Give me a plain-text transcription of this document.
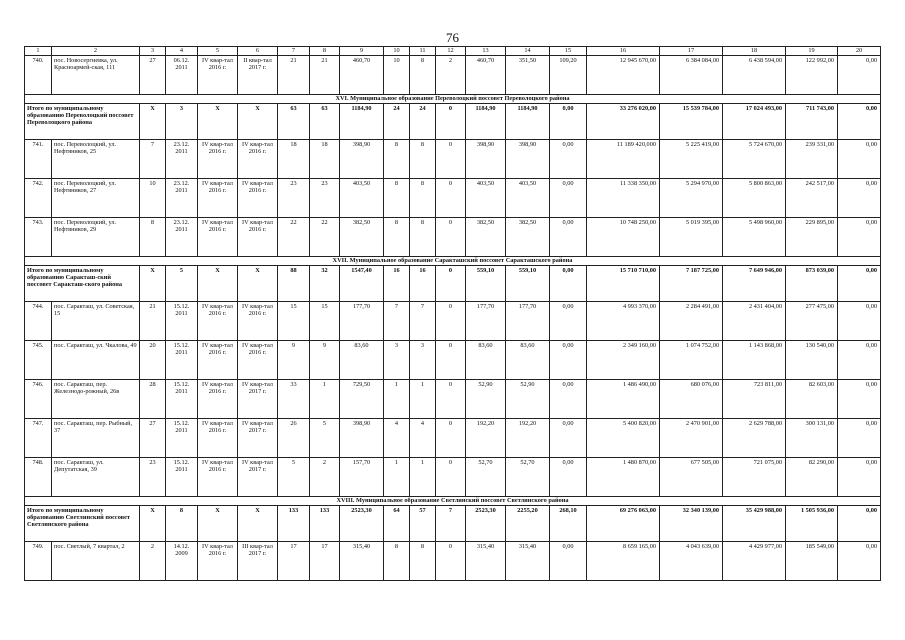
76
1	2	3	4	5	6	7	8	9	10	11	12	13	14	15	16	17	18	19	20
740.	пос. Новосергиевка, ул. Красноармей-ская, 111	27	06.12. 2011	IV квар-тал 2016 г.	II квар-тал 2017 г.	21	21	460,70	10	8	2	460,70	351,50	109,20	12 945 670,00	6 384 084,00	6 438 594,00	122 992,00	0,00
XVI. Муниципальное образование Переволоцкий поссовет Переволоцкого района																			
Итого по муниципальному образованию Переволоцкий поссовет Переволоцкого района		X	3	X	X	63	63	1184,90	24	24	0	1184,90	1184,90	0,00	33 276 020,00	15 539 784,00	17 024 493,00	711 743,00	0,00
741.	пос. Переволоцкий, ул. Нефтяников, 25	7	23.12. 2011	IV квар-тал 2016 г.	IV квар-тал 2016 г.	18	18	398,90	8	8	0	398,90	398,90	0,00	11 189 420,000	5 225 419,00	5 724 670,00	239 331,00	0,00
742.	пос. Переволоцкий, ул. Нефтяников, 27	10	23.12. 2011	IV квар-тал 2016 г.	IV квар-тал 2016 г.	23	23	403,50	8	8	0	403,50	403,50	0,00	11 338 350,00	5 294 970,00	5 800 863,00	242 517,00	0,00
743.	пос. Переволоцкий, ул. Нефтяников, 29	8	23.12. 2011	IV квар-тал 2016 г.	IV квар-тал 2016 г.	22	22	382,50	8	8	0	382,50	382,50	0,00	10 748 250,00	5 019 395,00	5 498 960,00	229 895,00	0,00
XVII. Муниципальное образование Саракташский поссовет Саракташского района																			
Итого по муниципальному образованию Саракташ-ский поссовет Саракташ-ского района		X	5	X	X	88	32	1547,40	16	16	0	559,10	559,10	0,00	15 710 710,00	7 187 725,00	7 649 946,00	873 039,00	0,00
744.	пос. Саракташ, ул. Советская, 15	21	15.12. 2011	IV квар-тал 2016 г.	IV квар-тал 2016 г.	15	15	177,70	7	7	0	177,70	177,70	0,00	4 993 370,00	2 284 491,00	2 431 404,00	277 475,00	0,00
745.	пос. Саракташ, ул. Чкалова, 49	20	15.12. 2011	IV квар-тал 2016 г.	IV квар-тал 2016 г.	9	9	83,60	3	3	0	83,60	83,60	0,00	2 349 160,00	1 074 752,00	1 143 868,00	130 540,00	0,00
746.	пос. Саракташ, пер. Железнодо-рожный, 26в	28	15.12. 2011	IV квар-тал 2016 г.	IV квар-тал 2017 г.	33	1	729,50	1	1	0	52,90	52,90	0,00	1 486 490,00	680 076,00	723 811,00	82 603,00	0,00
747.	пос. Саракташ, пер. Рыбный, 37	27	15.12. 2011	IV квар-тал 2016 г.	IV квар-тал 2017 г.	26	5	398,90	4	4	0	192,20	192,20	0,00	5 400 820,00	2 470 901,00	2 629 788,00	300 131,00	0,00
748.	пос. Саракташ, ул. Депутатская, 39	23	15.12. 2011	IV квар-тал 2016 г.	IV квар-тал 2017 г.	5	2	157,70	1	1	0	52,70	52,70	0,00	1 480 870,00	677 505,00	721 075,00	82 290,00	0,00
XVIII. Муниципальное образование Светлинский поссовет Светлинского района																			
Итого по муниципальному образованию Светлинский поссовет Светлинского района		X	8	X	X	133	133	2523,30	64	57	7	2523,30	2255,20	268,10	69 276 063,00	32 340 139,00	35 429 988,00	1 505 936,00	0,00
749.	пос. Светлый, 7 квартал, 2	2	14.12. 2009	IV квар-тал 2016 г.	III квар-тал 2017 г.	17	17	315,40	8	8	0	315,40	315,40	0,00	8 659 165,00	4 043 639,00	4 429 977,00	185 549,00	0,00
